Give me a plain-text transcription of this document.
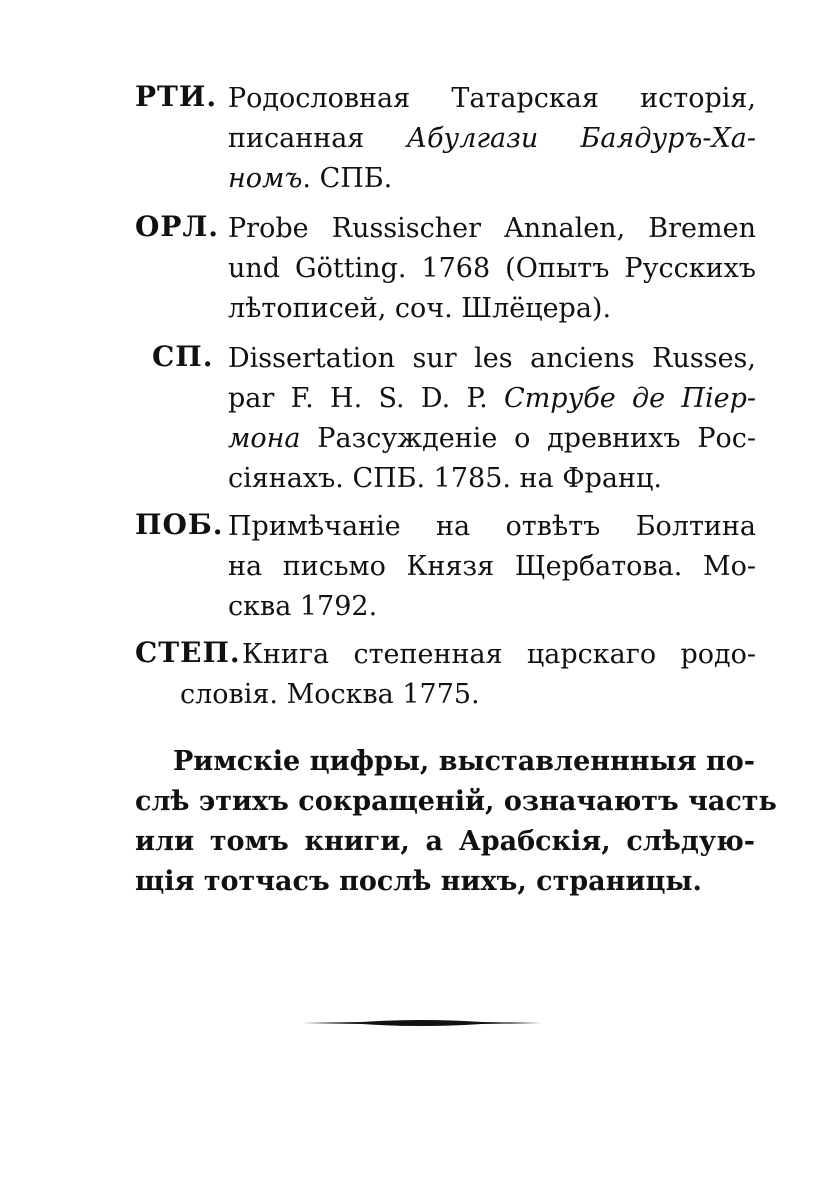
РТИ. Родословная Татарская исторія,
писанная Абулгази Баядуръ-Ха-
номъ. СПБ.
ОРЛ. Probe Russischer Annalen, Bremen
und Götting. 1768 (Опытъ Русскихъ
лѣтописей, соч. Шлёцера).
СП. Dissertation sur les anciens Russes,
par F. H. S. D. P. Струбе де Пiер-
мона Разсужденіе о древнихъ Рос-
сіянахъ. СПБ. 1785. на Франц.
ПОБ. Примѣчаніе на отвѣтъ Болтина
на письмо Князя Щербатова. Мо-
сква 1792.
СТЕП. Книга степенная царскаго родо-
словія. Москва 1775.
Римскіе цифры, выставленнныя по-
слѣ этихъ сокращеній, означаютъ часть
или томъ книги, а Арабскія, слѣдую-
щія тотчасъ послѣ нихъ, страницы.
